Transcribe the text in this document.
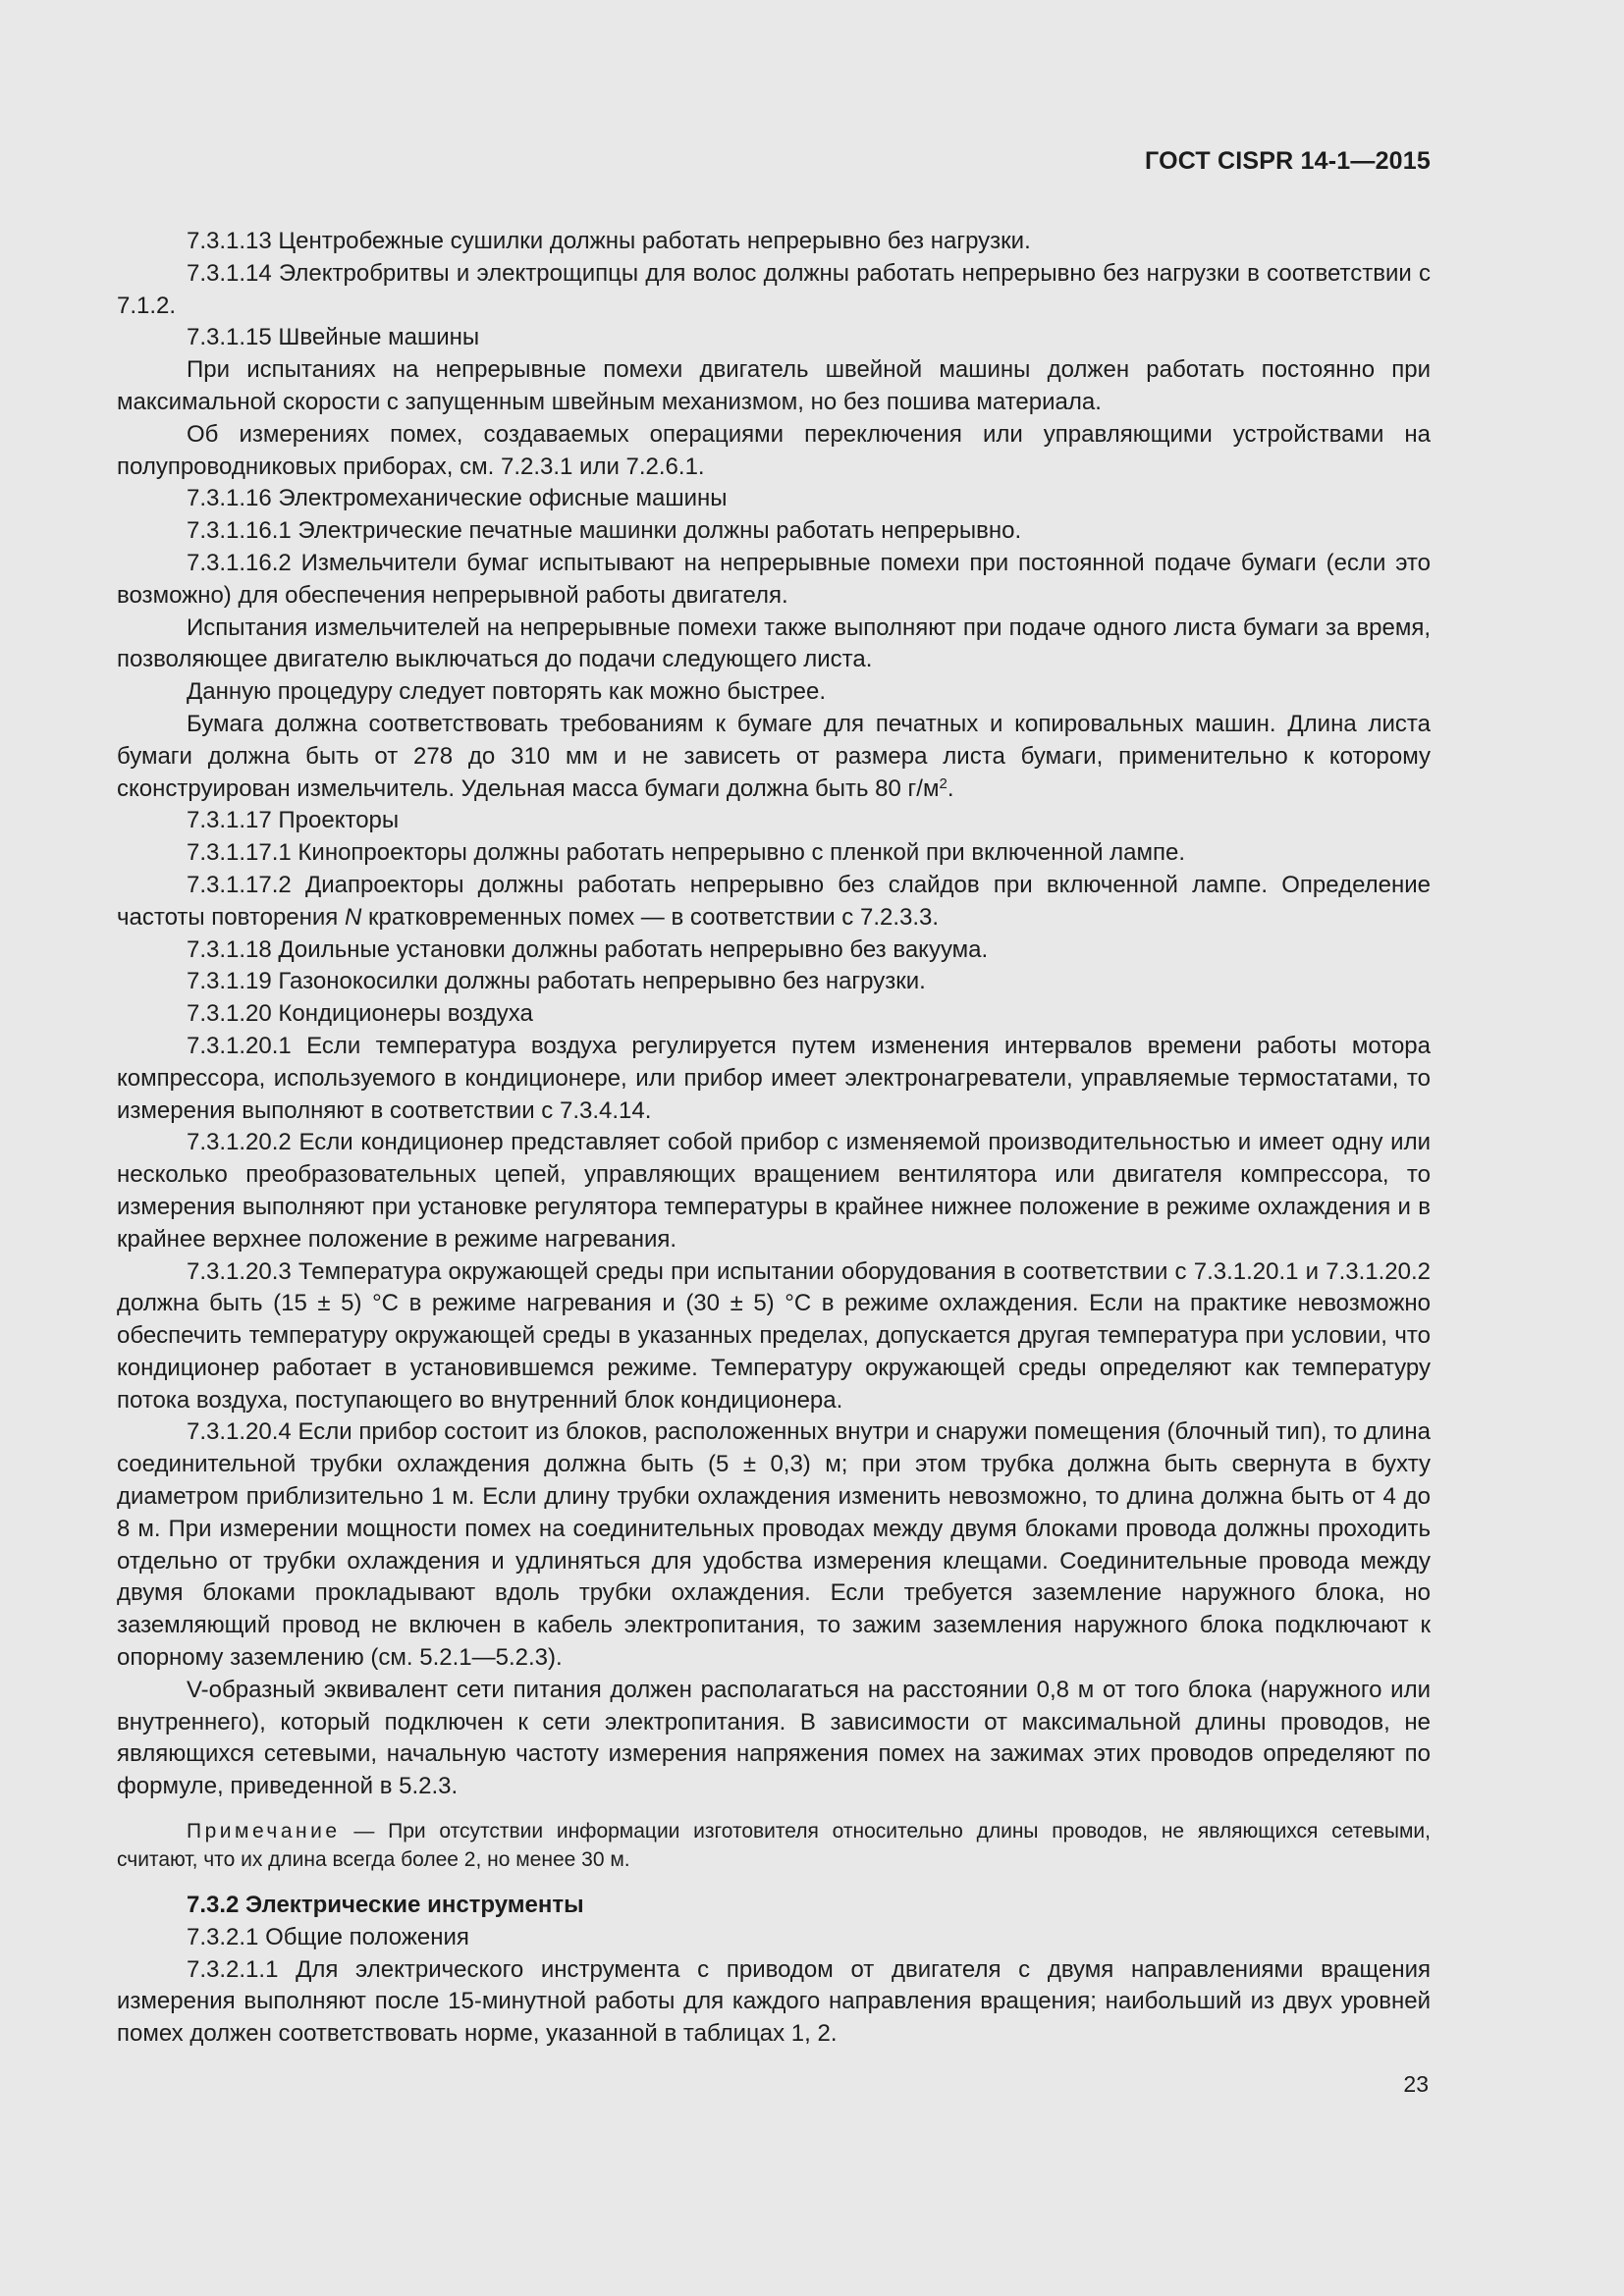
ГОСТ CISPR 14-1—2015

7.3.1.13 Центробежные сушилки должны работать непрерывно без нагрузки.

7.3.1.14 Электробритвы и электрощипцы для волос должны работать непрерывно без нагрузки в соответствии с 7.1.2.

7.3.1.15 Швейные машины

При испытаниях на непрерывные помехи двигатель швейной машины должен работать постоянно при максимальной скорости с запущенным швейным механизмом, но без пошива материала.

Об измерениях помех, создаваемых операциями переключения или управляющими устройствами на полупроводниковых приборах, см. 7.2.3.1 или 7.2.6.1.

7.3.1.16 Электромеханические офисные машины

7.3.1.16.1 Электрические печатные машинки должны работать непрерывно.

7.3.1.16.2 Измельчители бумаг испытывают на непрерывные помехи при постоянной подаче бумаги (если это возможно) для обеспечения непрерывной работы двигателя.

Испытания измельчителей на непрерывные помехи также выполняют при подаче одного листа бумаги за время, позволяющее двигателю выключаться до подачи следующего листа.

Данную процедуру следует повторять как можно быстрее.

Бумага должна соответствовать требованиям к бумаге для печатных и копировальных машин. Длина листа бумаги должна быть от 278 до 310 мм и не зависеть от размера листа бумаги, применительно к которому сконструирован измельчитель. Удельная масса бумаги должна быть 80 $г/м^2$.

7.3.1.17 Проекторы

7.3.1.17.1 Кинопроекторы должны работать непрерывно с пленкой при включенной лампе.

7.3.1.17.2 Диапроекторы должны работать непрерывно без слайдов при включенной лампе. Определение частоты повторения N кратковременных помех — в соответствии с 7.2.3.3.

7.3.1.18 Доильные установки должны работать непрерывно без вакуума.

7.3.1.19 Газонокосилки должны работать непрерывно без нагрузки.

7.3.1.20 Кондиционеры воздуха

7.3.1.20.1 Если температура воздуха регулируется путем изменения интервалов времени работы мотора компрессора, используемого в кондиционере, или прибор имеет электронагреватели, управляемые термостатами, то измерения выполняют в соответствии с 7.3.4.14.

7.3.1.20.2 Если кондиционер представляет собой прибор с изменяемой производительностью и имеет одну или несколько преобразовательных цепей, управляющих вращением вентилятора или двигателя компрессора, то измерения выполняют при установке регулятора температуры в крайнее нижнее положение в режиме охлаждения и в крайнее верхнее положение в режиме нагревания.

7.3.1.20.3 Температура окружающей среды при испытании оборудования в соответствии с 7.3.1.20.1 и 7.3.1.20.2 должна быть (15 ± 5) °С в режиме нагревания и (30 ± 5) °С в режиме охлаждения. Если на практике невозможно обеспечить температуру окружающей среды в указанных пределах, допускается другая температура при условии, что кондиционер работает в установившемся режиме. Температуру окружающей среды определяют как температуру потока воздуха, поступающего во внутренний блок кондиционера.

7.3.1.20.4 Если прибор состоит из блоков, расположенных внутри и снаружи помещения (блочный тип), то длина соединительной трубки охлаждения должна быть (5 ± 0,3) м; при этом трубка должна быть свернута в бухту диаметром приблизительно 1 м. Если длину трубки охлаждения изменить невозможно, то длина должна быть от 4 до 8 м. При измерении мощности помех на соединительных проводах между двумя блоками провода должны проходить отдельно от трубки охлаждения и удлиняться для удобства измерения клещами. Соединительные провода между двумя блоками прокладывают вдоль трубки охлаждения. Если требуется заземление наружного блока, но заземляющий провод не включен в кабель электропитания, то зажим заземления наружного блока подключают к опорному заземлению (см. 5.2.1—5.2.3).

V-образный эквивалент сети питания должен располагаться на расстоянии 0,8 м от того блока (наружного или внутреннего), который подключен к сети электропитания. В зависимости от максимальной длины проводов, не являющихся сетевыми, начальную частоту измерения напряжения помех на зажимах этих проводов определяют по формуле, приведенной в 5.2.3.

Примечание — При отсутствии информации изготовителя относительно длины проводов, не являющихся сетевыми, считают, что их длина всегда более 2, но менее 30 м.

7.3.2 Электрические инструменты

7.3.2.1 Общие положения

7.3.2.1.1 Для электрического инструмента с приводом от двигателя с двумя направлениями вращения измерения выполняют после 15-минутной работы для каждого направления вращения; наибольший из двух уровней помех должен соответствовать норме, указанной в таблицах 1, 2.

23
